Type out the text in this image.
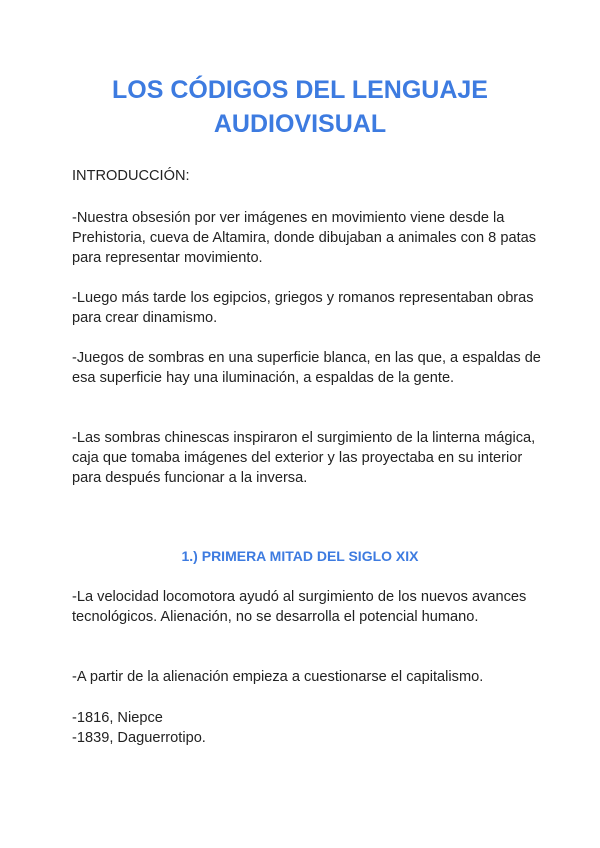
LOS CÓDIGOS DEL LENGUAJE
AUDIOVISUAL

INTRODUCCIÓN:

-Nuestra obsesión por ver imágenes en movimiento viene desde la Prehistoria, cueva de Altamira, donde dibujaban a animales con 8 patas para representar movimiento.

-Luego más tarde los egipcios, griegos y romanos representaban obras para crear dinamismo.

-Juegos de sombras en una superficie blanca, en las que, a espaldas de esa superficie hay una iluminación, a espaldas de la gente.

-Las sombras chinescas inspiraron el surgimiento de la linterna mágica, caja que tomaba imágenes del exterior y las proyectaba en su interior para después funcionar a la inversa.

1.) PRIMERA MITAD DEL SIGLO XIX

-La velocidad locomotora ayudó al surgimiento de los nuevos avances tecnológicos. Alienación, no se desarrolla el potencial humano.

-A partir de la alienación empieza a cuestionarse el capitalismo.

-1816, Niepce

-1839, Daguerrotipo.
